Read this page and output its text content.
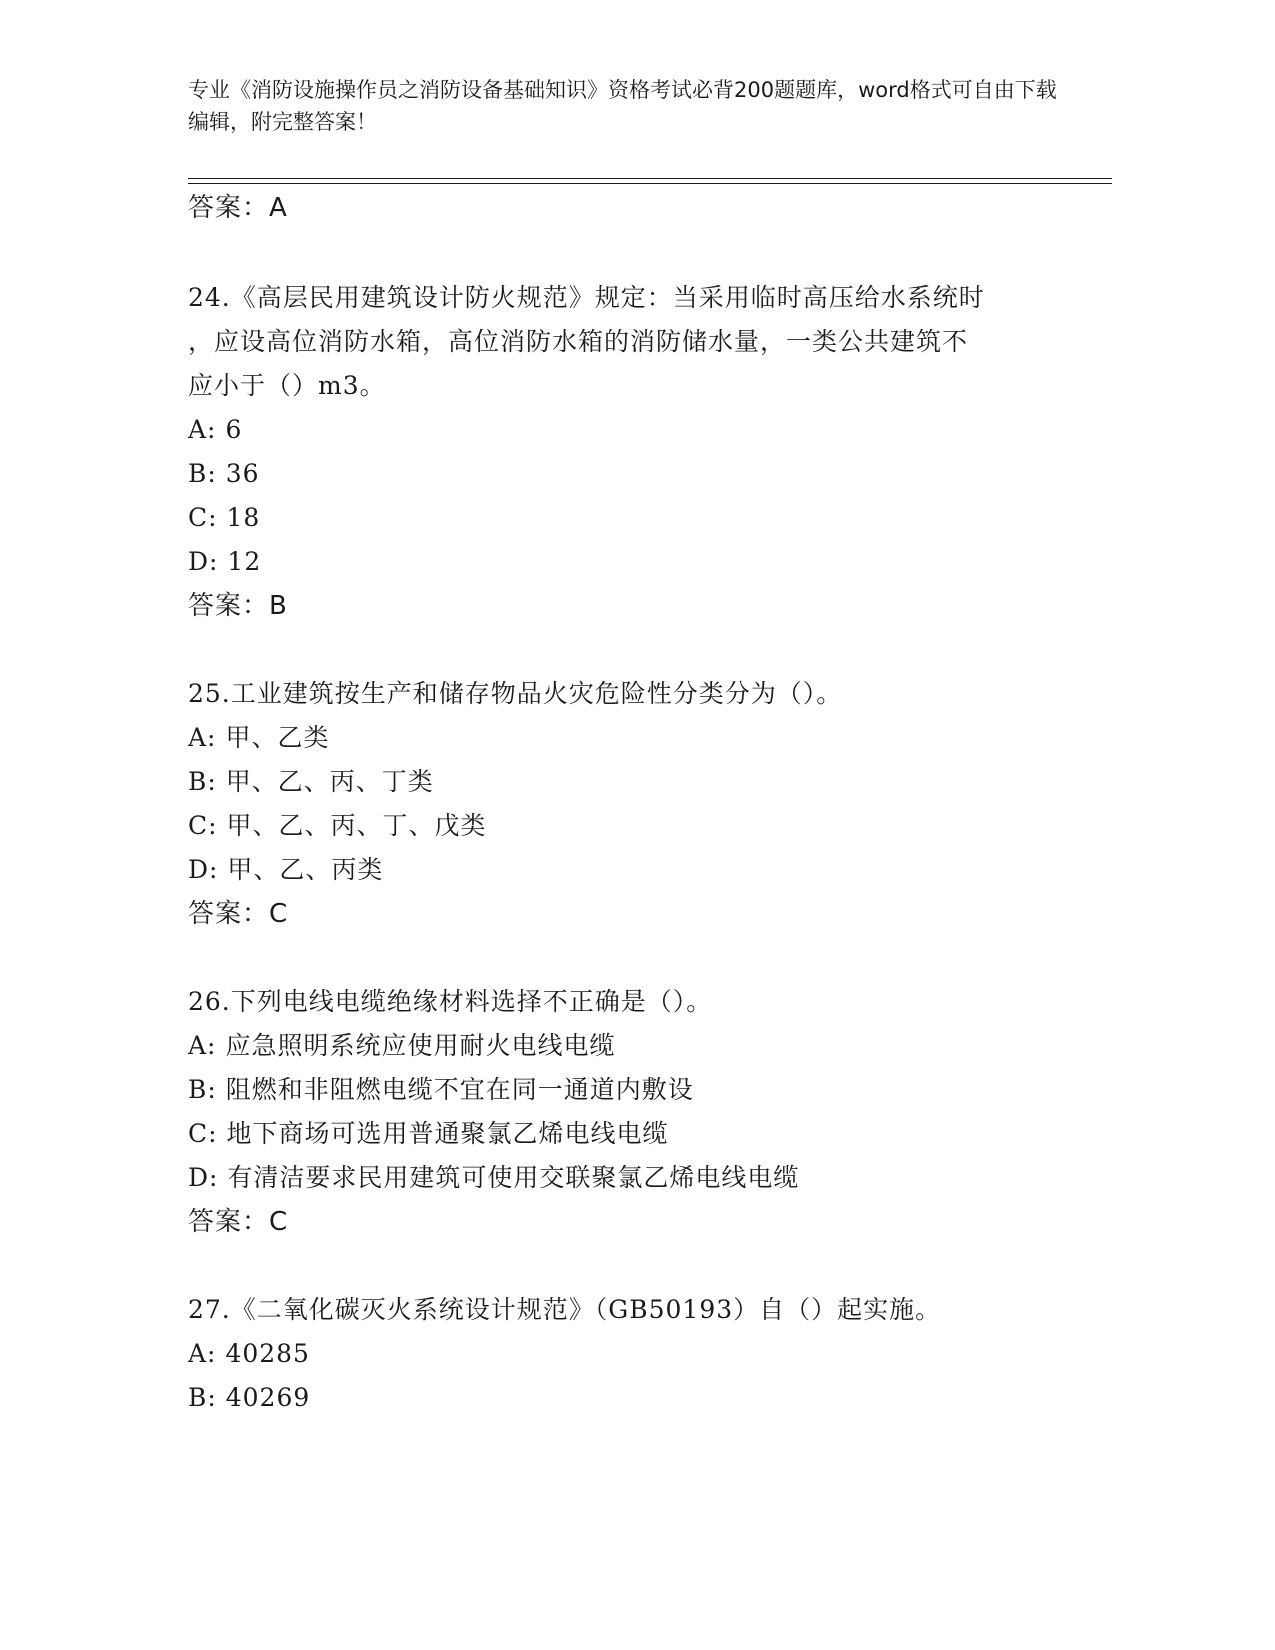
专业《消防设施操作员之消防设备基础知识》资格考试必背200题题库，word格式可自由下载编辑，附完整答案！
答案：A
24.《高层民用建筑设计防火规范》规定：当采用临时高压给水系统时
，应设高位消防水箱，高位消防水箱的消防储水量，一类公共建筑不
应小于（）m3。
A: 6
B: 36
C: 18
D: 12
答案：B
25.工业建筑按生产和储存物品火灾危险性分类分为（）。
A: 甲、乙类
B: 甲、乙、丙、丁类
C: 甲、乙、丙、丁、戊类
D: 甲、乙、丙类
答案：C
26.下列电线电缆绝缘材料选择不正确是（）。
A: 应急照明系统应使用耐火电线电缆
B: 阻燃和非阻燃电缆不宜在同一通道内敷设
C: 地下商场可选用普通聚氯乙烯电线电缆
D: 有清洁要求民用建筑可使用交联聚氯乙烯电线电缆
答案：C
27.《二氧化碳灭火系统设计规范》（GB50193）自（）起实施。
A: 40285
B: 40269
